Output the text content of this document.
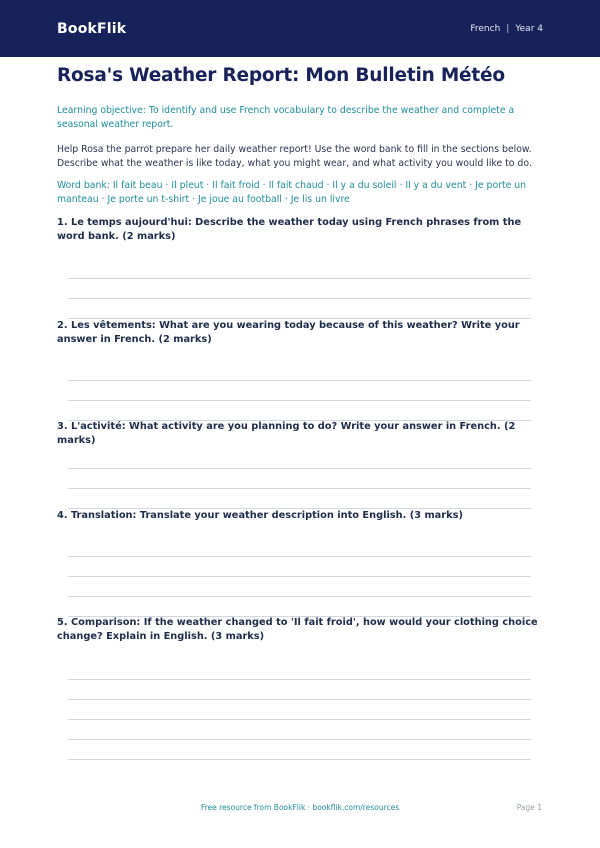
BookFlik	French | Year 4
Rosa's Weather Report: Mon Bulletin Météo
Learning objective: To identify and use French vocabulary to describe the weather and complete a seasonal weather report.
Help Rosa the parrot prepare her daily weather report! Use the word bank to fill in the sections below. Describe what the weather is like today, what you might wear, and what activity you would like to do.
Word bank: Il fait beau · Il pleut · Il fait froid · Il fait chaud · Il y a du soleil · Il y a du vent · Je porte un manteau · Je porte un t-shirt · Je joue au football · Je lis un livre
1. Le temps aujourd'hui: Describe the weather today using French phrases from the word bank. (2 marks)
2. Les vêtements: What are you wearing today because of this weather? Write your answer in French. (2 marks)
3. L'activité: What activity are you planning to do? Write your answer in French. (2 marks)
4. Translation: Translate your weather description into English. (3 marks)
5. Comparison: If the weather changed to 'Il fait froid', how would your clothing choice change? Explain in English. (3 marks)
Free resource from BookFlik · bookflik.com/resources	Page 1
